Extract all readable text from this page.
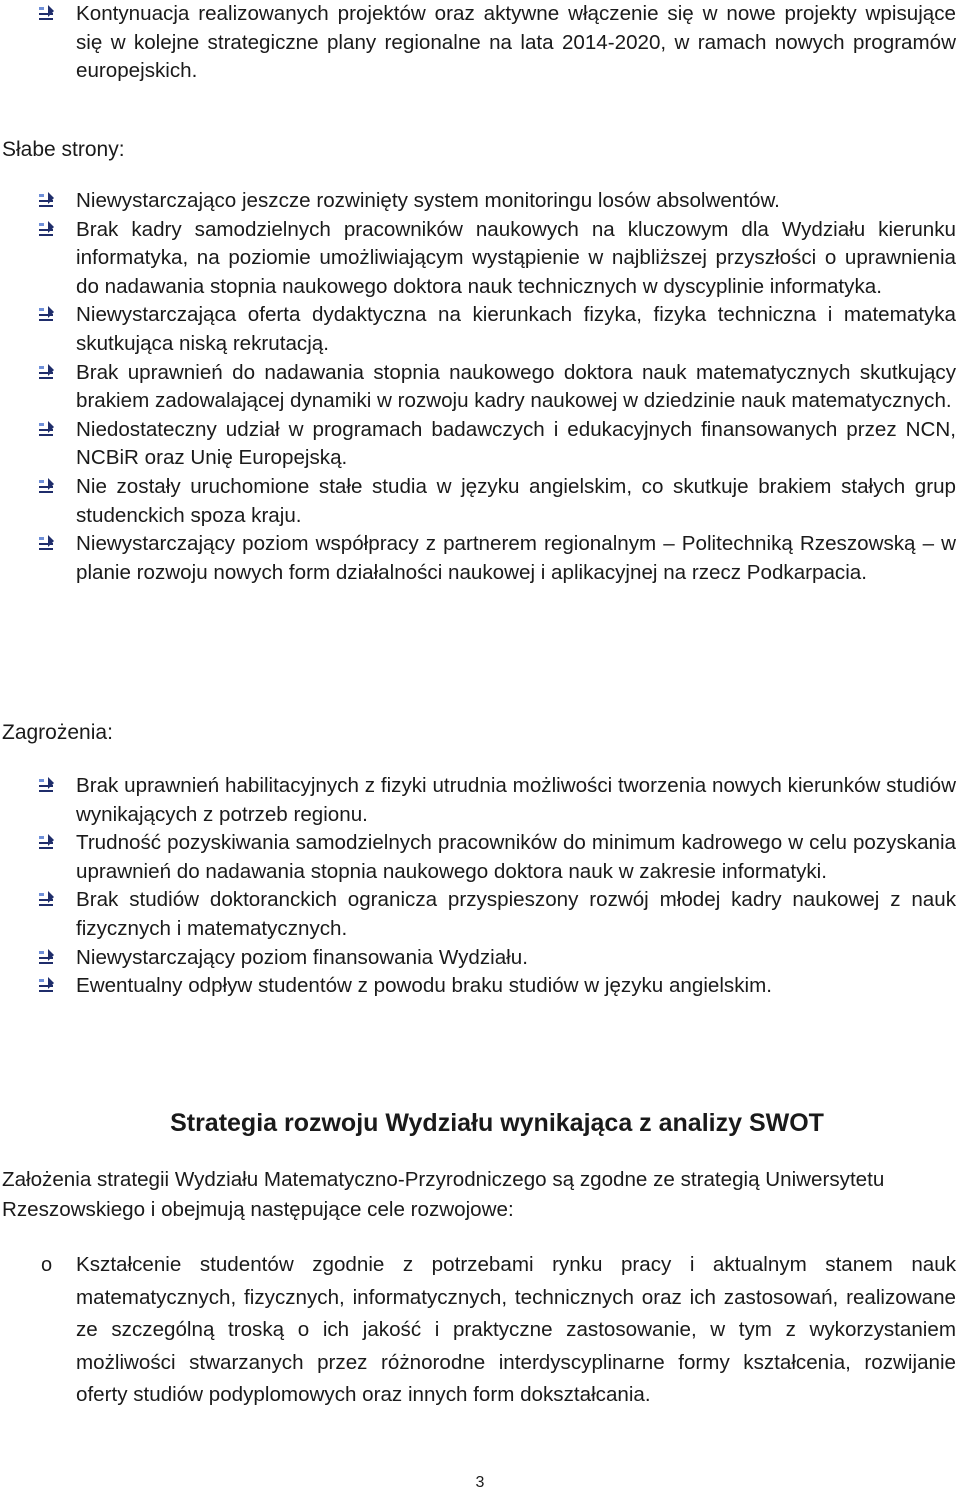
Kontynuacja realizowanych projektów oraz aktywne włączenie się w nowe projekty wpisujące się w kolejne strategiczne plany regionalne na lata 2014-2020, w ramach nowych programów europejskich.
Słabe strony:
Niewystarczająco jeszcze rozwinięty system monitoringu losów absolwentów.
Brak kadry samodzielnych pracowników naukowych na kluczowym dla Wydziału kierunku informatyka, na poziomie umożliwiającym wystąpienie w najbliższej przyszłości o uprawnienia do nadawania stopnia naukowego doktora nauk technicznych w dyscyplinie informatyka.
Niewystarczająca oferta dydaktyczna na kierunkach fizyka, fizyka techniczna i matematyka skutkująca niską rekrutacją.
Brak uprawnień do nadawania stopnia naukowego doktora nauk matematycznych skutkujący brakiem zadowalającej dynamiki w rozwoju kadry naukowej w dziedzinie nauk matematycznych.
Niedostateczny udział w programach badawczych i edukacyjnych finansowanych przez NCN, NCBiR oraz Unię Europejską.
Nie zostały uruchomione stałe studia w języku angielskim, co skutkuje brakiem stałych grup studenckich spoza kraju.
Niewystarczający poziom współpracy z partnerem regionalnym – Politechniką Rzeszowską – w planie rozwoju nowych form działalności naukowej i aplikacyjnej na rzecz Podkarpacia.
Zagrożenia:
Brak uprawnień habilitacyjnych z fizyki utrudnia możliwości tworzenia nowych kierunków studiów wynikających z potrzeb regionu.
Trudność pozyskiwania samodzielnych pracowników do minimum kadrowego w celu pozyskania uprawnień do nadawania stopnia naukowego doktora nauk w zakresie informatyki.
Brak studiów doktoranckich ogranicza przyspieszony rozwój młodej kadry naukowej z nauk fizycznych i matematycznych.
Niewystarczający poziom finansowania Wydziału.
Ewentualny odpływ studentów z powodu braku studiów w języku angielskim.
Strategia rozwoju Wydziału wynikająca z analizy SWOT

Założenia strategii Wydziału Matematyczno-Przyrodniczego są zgodne ze strategią Uniwersytetu Rzeszowskiego i obejmują następujące cele rozwojowe:

o Kształcenie studentów zgodnie z potrzebami rynku pracy i aktualnym stanem nauk matematycznych, fizycznych, informatycznych, technicznych oraz ich zastosowań, realizowane ze szczególną troską o ich jakość i praktyczne zastosowanie, w tym z wykorzystaniem możliwości stwarzanych przez różnorodne interdyscyplinarne formy kształcenia, rozwijanie oferty studiów podyplomowych oraz innych form dokształcania.
3
